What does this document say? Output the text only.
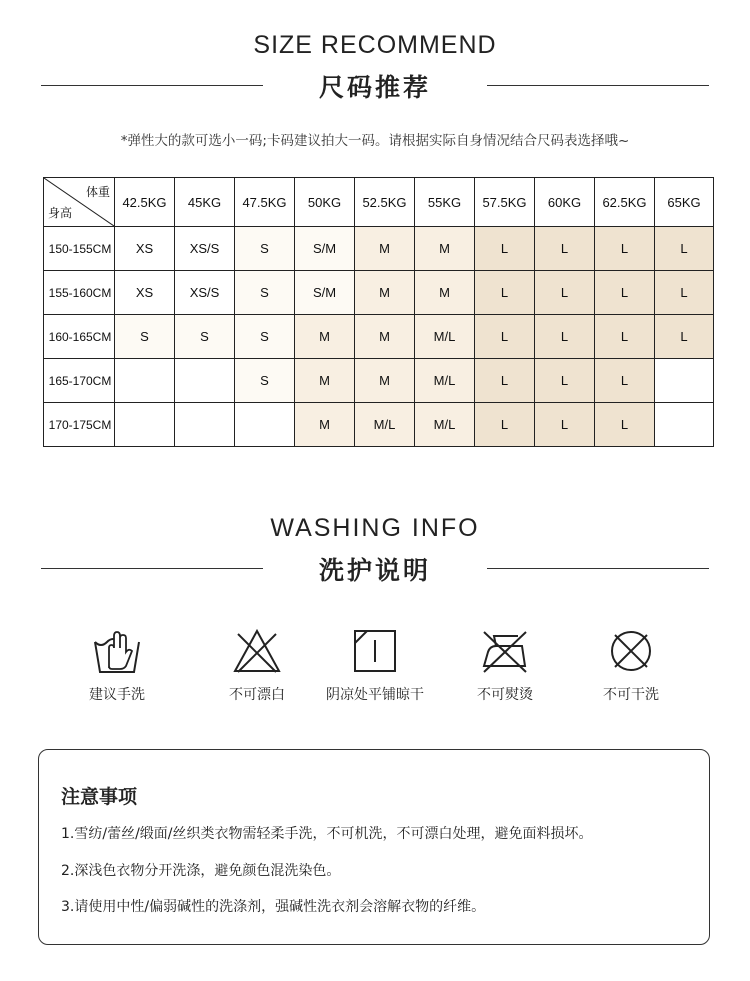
SIZE RECOMMEND
尺码推荐
*弹性大的款可选小一码;卡码建议拍大一码。请根据实际自身情况结合尺码表选择哦~
体重
身高	42.5KG	45KG	47.5KG	50KG	52.5KG	55KG	57.5KG	60KG	62.5KG	65KG
150-155CM	XS	XS/S	S	S/M	M	M	L	L	L	L
155-160CM	XS	XS/S	S	S/M	M	M	L	L	L	L
160-165CM	S	S	S	M	M	M/L	L	L	L	L
165-170CM			S	M	M	M/L	L	L	L	
170-175CM				M	M/L	M/L	L	L	L	
WASHING INFO
洗护说明
建议手洗	不可漂白	阴凉处平铺晾干	不可熨烫	不可干洗
注意事项
1.雪纺/蕾丝/缎面/丝织类衣物需轻柔手洗，不可机洗，不可漂白处理，避免面料损坏。
2.深浅色衣物分开洗涤，避免颜色混洗染色。
3.请使用中性/偏弱碱性的洗涤剂，强碱性洗衣剂会溶解衣物的纤维。
